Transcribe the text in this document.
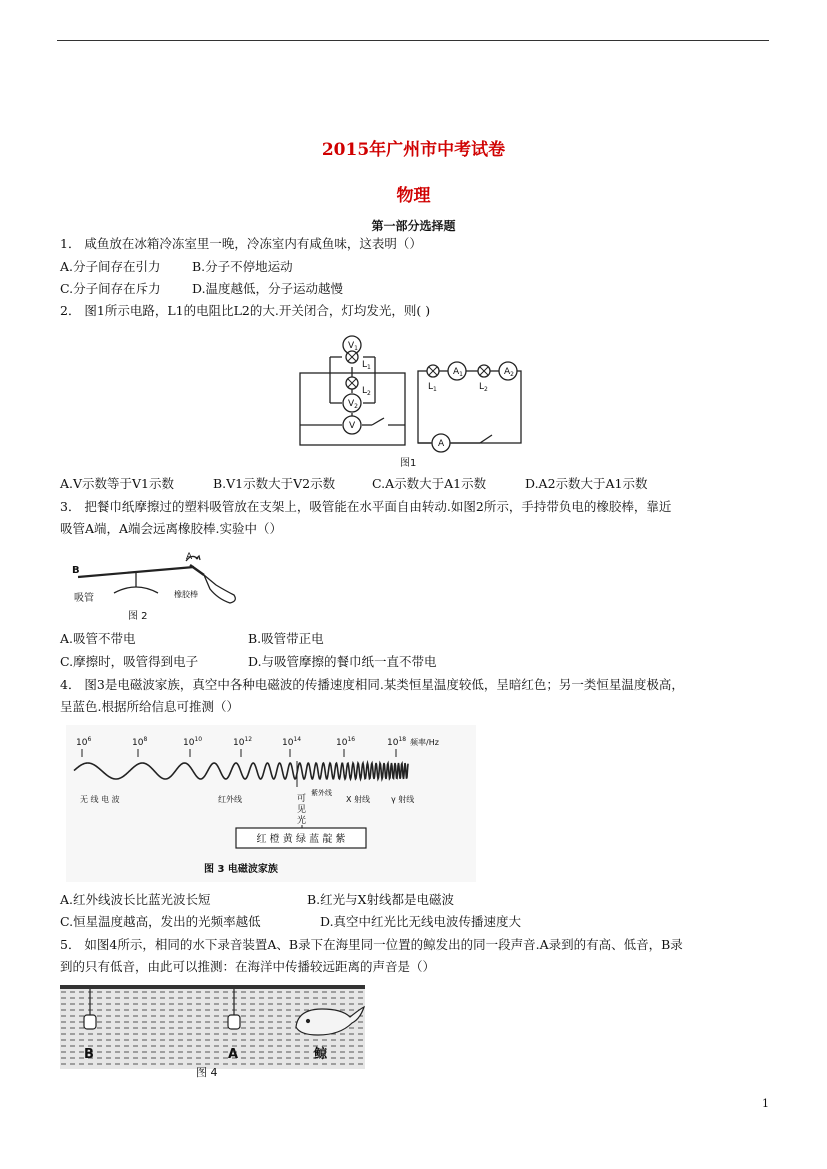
2015年广州市中考试卷
物理
第一部分选择题
1． 咸鱼放在冰箱冷冻室里一晚，冷冻室内有咸鱼味，这表明（）
A.分子间存在引力	B.分子不停地运动
C.分子间存在斥力	D.温度越低，分子运动越慢
2． 图1所示电路，L1的电阻比L2的大.开关闭合，灯均发光，则( )
$V_1$
$V_2$
V
$L_1$
$L_2$
$A_1$	$A_2$
A
$L_1$	$L_2$
图1
A.V示数等于V1示数	B.V1示数大于V2示数	C.A示数大于A1示数	D.A2示数大于A1示数
3． 把餐巾纸摩擦过的塑料吸管放在支架上，吸管能在水平面自由转动.如图2所示，手持带负电的橡胶棒，靠近
吸管A端，A端会远离橡胶棒.实验中（）
B
A
吸管	橡胶棒
图 2
A.吸管不带电	B.吸管带正电
C.摩擦时，吸管得到电子	D.与吸管摩擦的餐巾纸一直不带电
4． 图3是电磁波家族，真空中各种电磁波的传播速度相同.某类恒星温度较低，呈暗红色；另一类恒星温度极高，
呈蓝色.根据所给信息可推测（）
$10^6$	$10^8$	$10^{10}$	$10^{12}$	$10^{14}$	$10^{16}$	$10^{18}$ 频率/Hz
无 线 电 波	红外线
紫外线
X 射线	γ 射线
可
见
光
红 橙 黄 绿 蓝 靛 紫
图 3 电磁波家族
A.红外线波长比蓝光波长短	B.红光与X射线都是电磁波
C.恒星温度越高，发出的光频率越低	D.真空中红光比无线电波传播速度大
5． 如图4所示，相同的水下录音装置A、B录下在海里同一位置的鲸发出的同一段声音.A录到的有高、低音，B录
到的只有低音，由此可以推测：在海洋中传播较远距离的声音是（）
B	A	鲸
图 4
1
